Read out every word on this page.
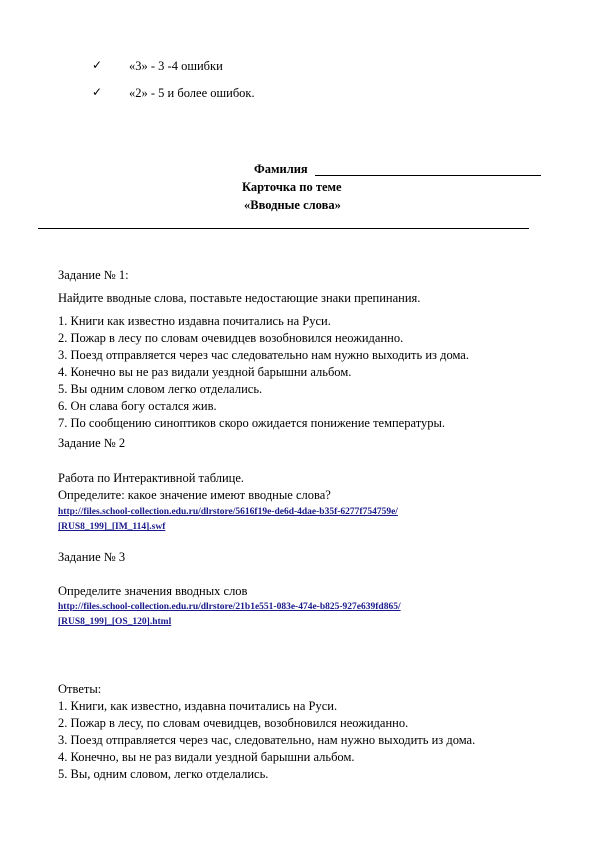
✓ «3» - 3 -4 ошибки
✓ «2» - 5 и более ошибок.
Фамилия
Карточка по теме
«Вводные слова»
Задание № 1:
Найдите вводные слова, поставьте недостающие знаки препинания.
1. Книги как известно издавна почитались на Руси.
2. Пожар в лесу по словам очевидцев возобновился неожиданно.
3. Поезд отправляется через час следовательно нам нужно выходить из дома.
4. Конечно вы не раз видали уездной барышни альбом.
5. Вы одним словом легко отделались.
6. Он слава богу остался жив.
7. По сообщению синоптиков скоро ожидается понижение температуры.
Задание № 2
Работа по Интерактивной таблице.
Определите: какое значение имеют вводные слова?
http://files.school-collection.edu.ru/dlrstore/5616f19e-de6d-4dae-b35f-6277f754759e/
[RUS8_199]_[IM_114].swf
Задание № 3
Определите значения вводных слов
http://files.school-collection.edu.ru/dlrstore/21b1e551-083e-474e-b825-927e639fd865/
[RUS8_199]_[OS_120].html
Ответы:
1. Книги, как известно, издавна почитались на Руси.
2. Пожар в лесу, по словам очевидцев, возобновился неожиданно.
3. Поезд отправляется через час, следовательно, нам нужно выходить из дома.
4. Конечно, вы не раз видали уездной барышни альбом.
5. Вы, одним словом, легко отделались.
